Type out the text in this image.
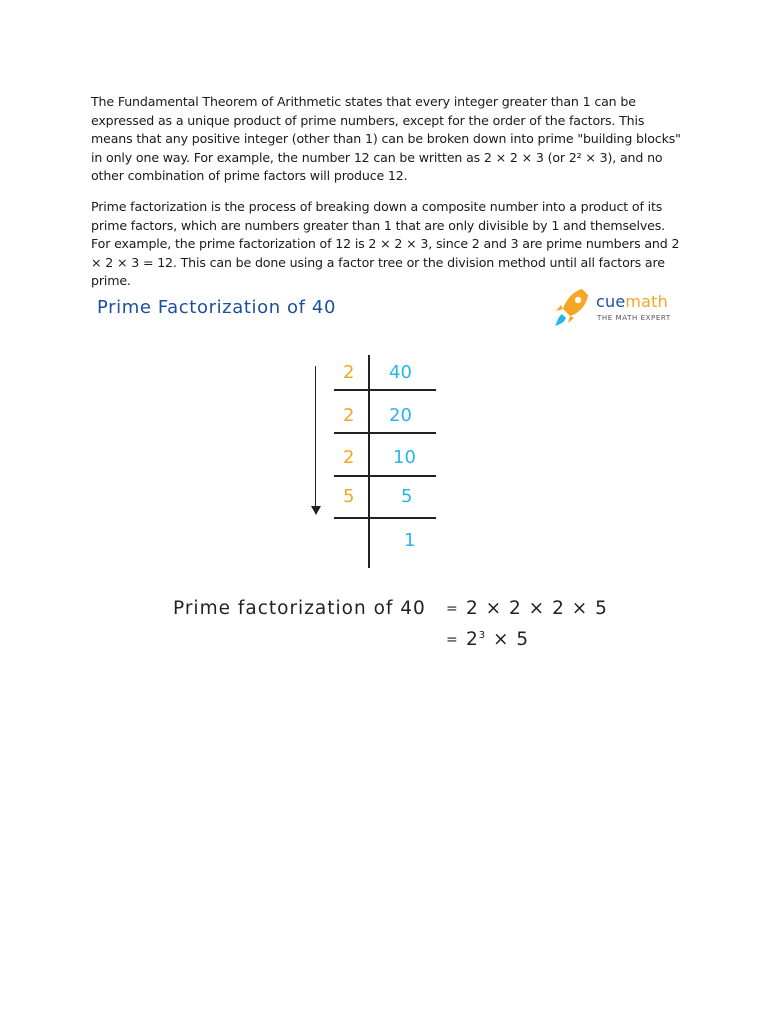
The Fundamental Theorem of Arithmetic states that every integer greater than 1 can be expressed as a unique product of prime numbers, except for the order of the factors. This means that any positive integer (other than 1) can be broken down into prime "building blocks" in only one way. For example, the number 12 can be written as 2 × 2 × 3 (or 2² × 3), and no other combination of prime factors will produce 12.

Prime factorization is the process of breaking down a composite number into a product of its prime factors, which are numbers greater than 1 that are only divisible by 1 and themselves. For example, the prime factorization of 12 is 2 × 2 × 3, since 2 and 3 are prime numbers and 2 × 2 × 3 = 12. This can be done using a factor tree or the division method until all factors are prime.

Prime Factorization of 40	cuemath
THE MATH EXPERT
2 40
2 20
2 10
5	5
1
Prime factorization of 40 = 2 × 2 × 2 × 5
= $2^3 \times 5$
